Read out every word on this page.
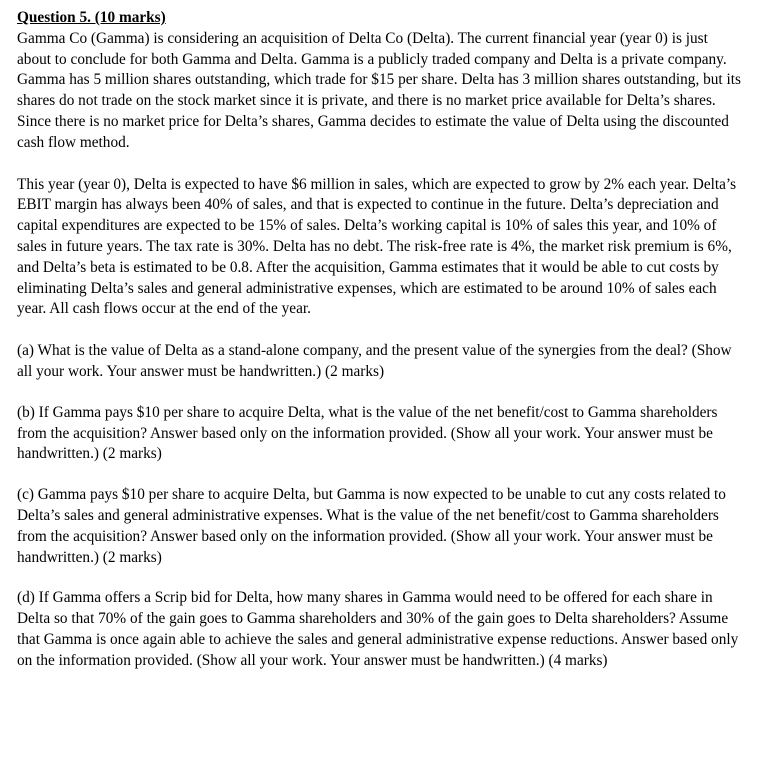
Question 5. (10 marks)

Gamma Co (Gamma) is considering an acquisition of Delta Co (Delta). The current financial year (year 0) is just about to conclude for both Gamma and Delta. Gamma is a publicly traded company and Delta is a private company. Gamma has 5 million shares outstanding, which trade for $15 per share. Delta has 3 million shares outstanding, but its shares do not trade on the stock market since it is private, and there is no market price available for Delta’s shares. Since there is no market price for Delta’s shares, Gamma decides to estimate the value of Delta using the discounted cash flow method.

This year (year 0), Delta is expected to have $6 million in sales, which are expected to grow by 2% each year. Delta’s EBIT margin has always been 40% of sales, and that is expected to continue in the future. Delta’s depreciation and capital expenditures are expected to be 15% of sales. Delta’s working capital is 10% of sales this year, and 10% of sales in future years. The tax rate is 30%. Delta has no debt. The risk-free rate is 4%, the market risk premium is 6%, and Delta’s beta is estimated to be 0.8. After the acquisition, Gamma estimates that it would be able to cut costs by eliminating Delta’s sales and general administrative expenses, which are estimated to be around 10% of sales each year. All cash flows occur at the end of the year.

(a) What is the value of Delta as a stand-alone company, and the present value of the synergies from the deal? (Show all your work. Your answer must be handwritten.) (2 marks)

(b) If Gamma pays $10 per share to acquire Delta, what is the value of the net benefit/cost to Gamma shareholders from the acquisition? Answer based only on the information provided. (Show all your work. Your answer must be handwritten.) (2 marks)

(c) Gamma pays $10 per share to acquire Delta, but Gamma is now expected to be unable to cut any costs related to Delta’s sales and general administrative expenses. What is the value of the net benefit/cost to Gamma shareholders from the acquisition? Answer based only on the information provided. (Show all your work. Your answer must be handwritten.) (2 marks)

(d) If Gamma offers a Scrip bid for Delta, how many shares in Gamma would need to be offered for each share in Delta so that 70% of the gain goes to Gamma shareholders and 30% of the gain goes to Delta shareholders? Assume that Gamma is once again able to achieve the sales and general administrative expense reductions. Answer based only on the information provided. (Show all your work. Your answer must be handwritten.) (4 marks)
